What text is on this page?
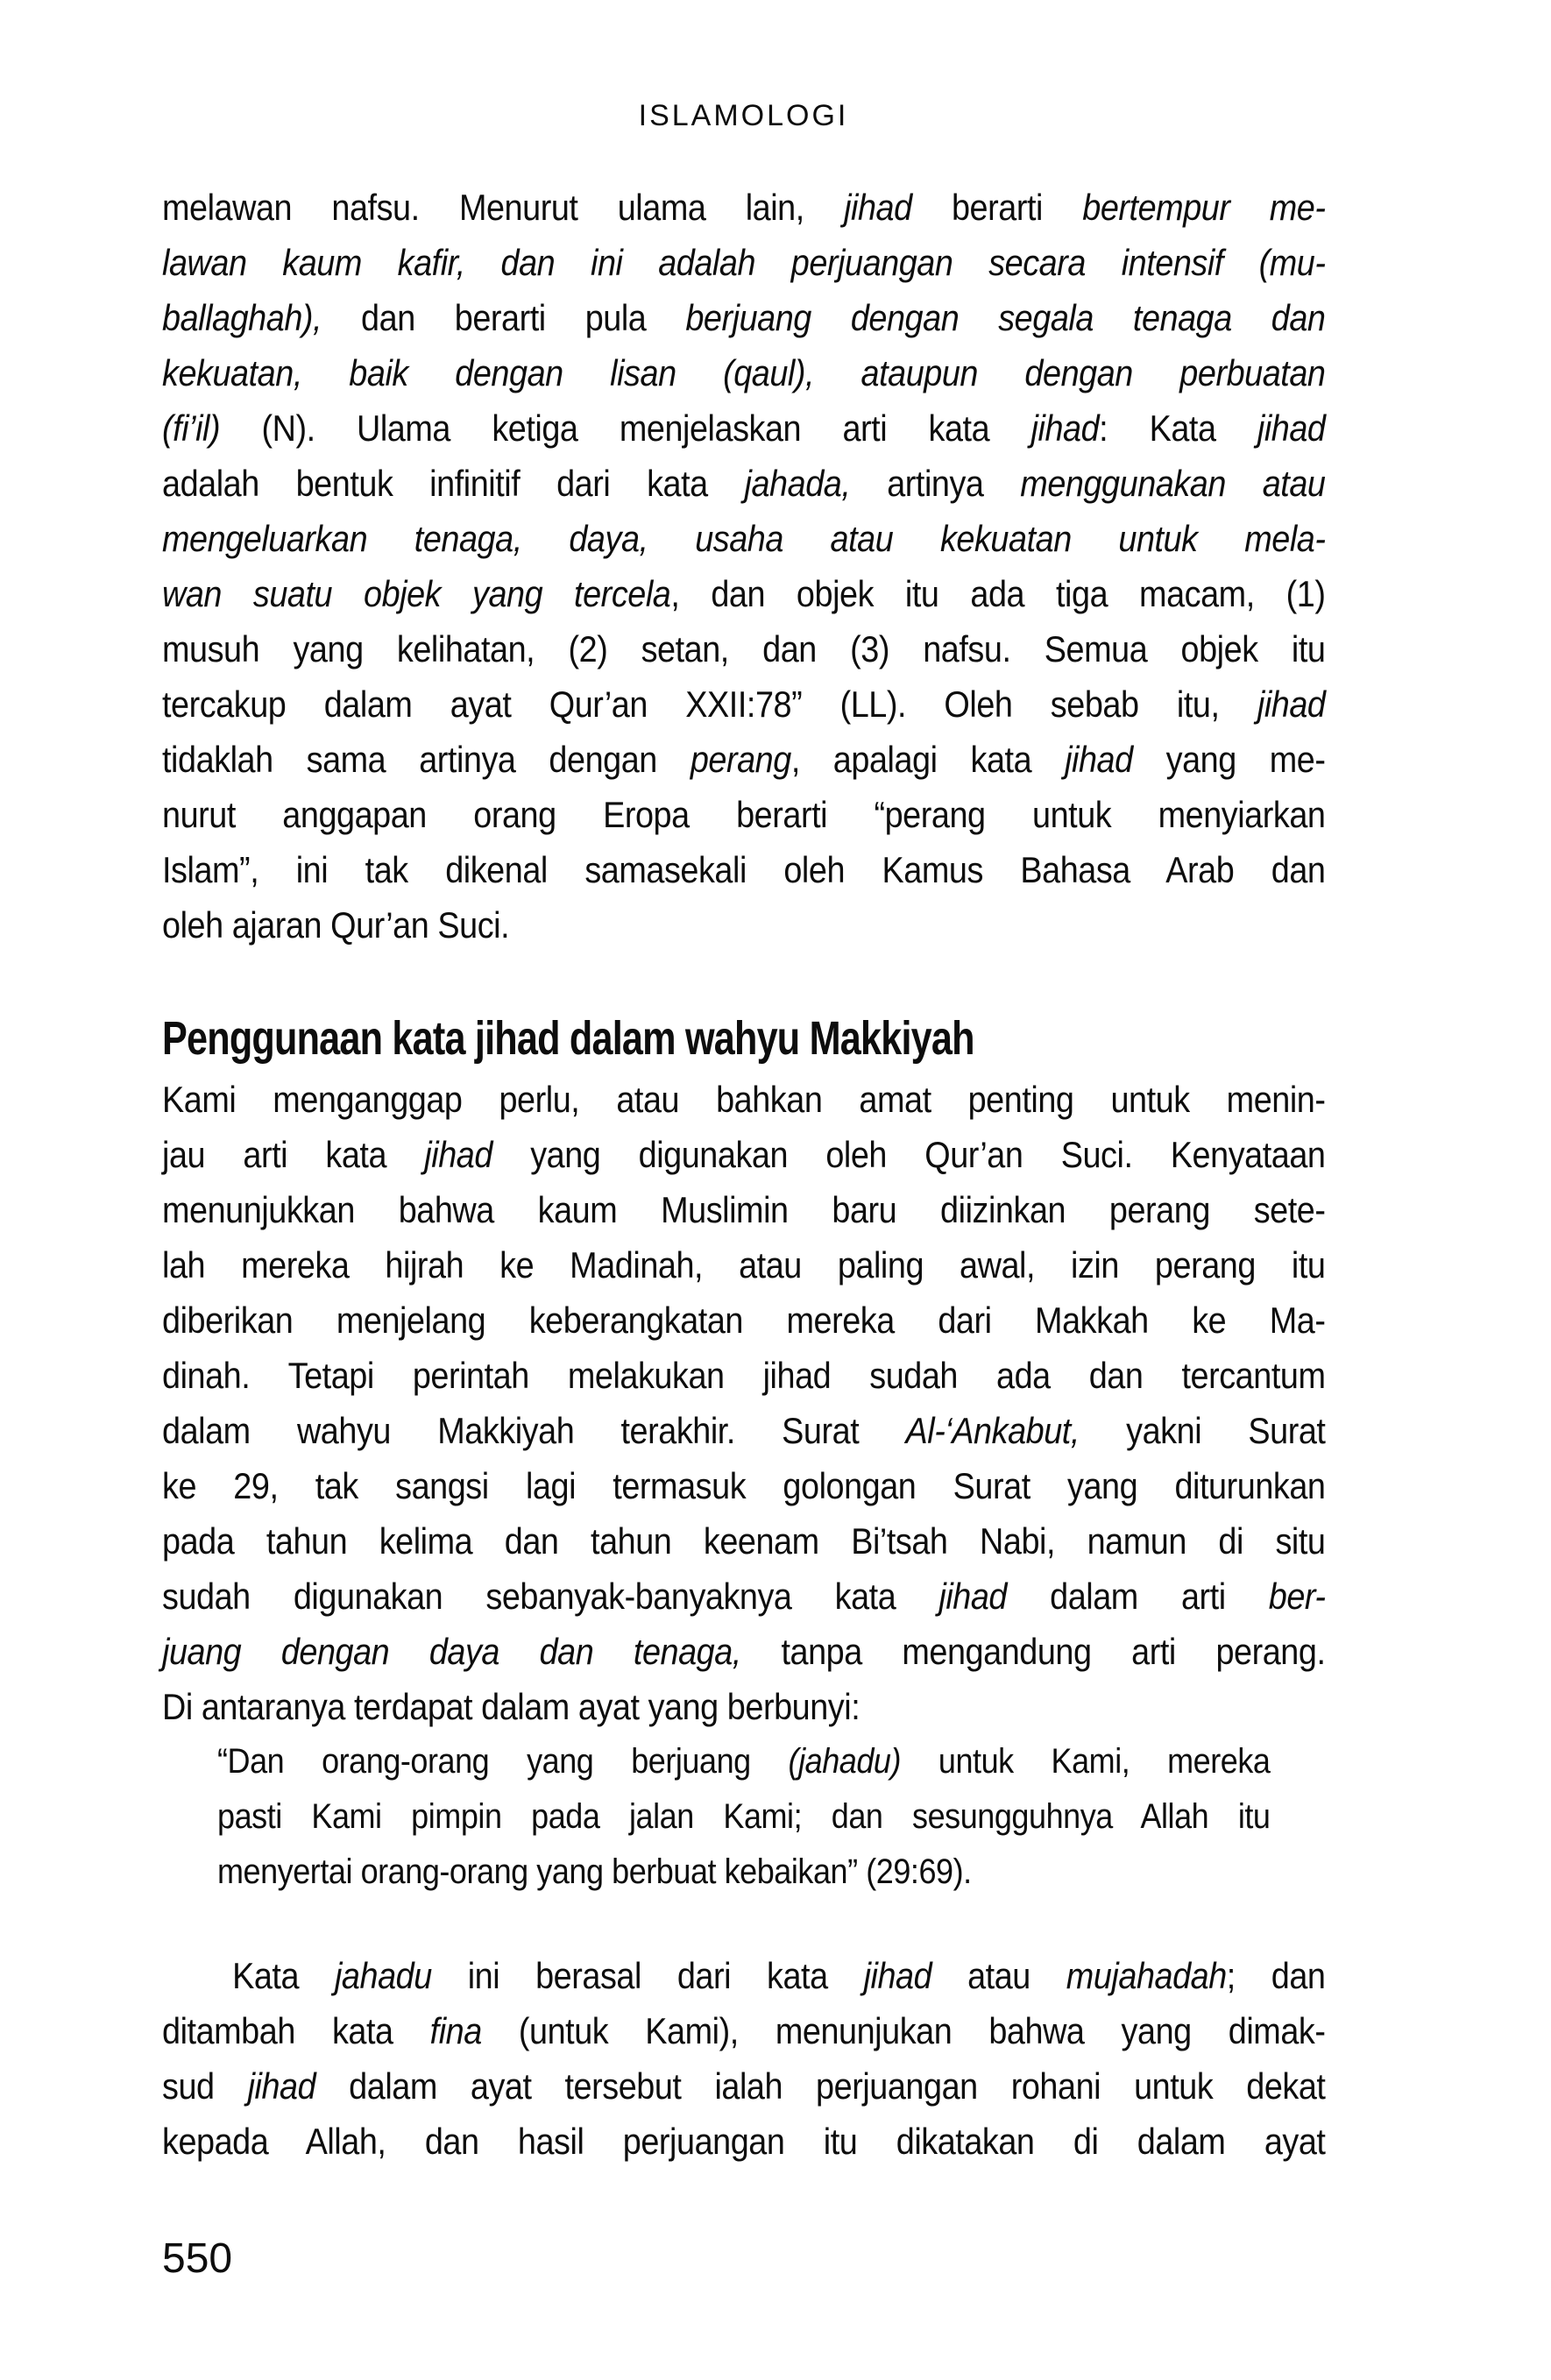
ISLAMOLOGI
melawan nafsu. Menurut ulama lain, jihad berarti bertempur me-
lawan kaum kafir, dan ini adalah perjuangan secara intensif (mu-
ballaghah), dan berarti pula berjuang dengan segala tenaga dan
kekuatan, baik dengan lisan (qaul), ataupun dengan perbuatan
(fi’il) (N). Ulama ketiga menjelaskan arti kata jihad: Kata jihad
adalah bentuk infinitif dari kata jahada, artinya menggunakan atau
mengeluarkan tenaga, daya, usaha atau kekuatan untuk mela-
wan suatu objek yang tercela, dan objek itu ada tiga macam, (1)
musuh yang kelihatan, (2) setan, dan (3) nafsu. Semua objek itu
tercakup dalam ayat Qur’an XXII:78” (LL). Oleh sebab itu, jihad
tidaklah sama artinya dengan perang, apalagi kata jihad yang me-
nurut anggapan orang Eropa berarti “perang untuk menyiarkan
Islam”, ini tak dikenal samasekali oleh Kamus Bahasa Arab dan
oleh ajaran Qur’an Suci.
Penggunaan kata jihad dalam wahyu Makkiyah
Kami menganggap perlu, atau bahkan amat penting untuk menin-
jau arti kata jihad yang digunakan oleh Qur’an Suci. Kenyataan
menunjukkan bahwa kaum Muslimin baru diizinkan perang sete-
lah mereka hijrah ke Madinah, atau paling awal, izin perang itu
diberikan menjelang keberangkatan mereka dari Makkah ke Ma-
dinah. Tetapi perintah melakukan jihad sudah ada dan tercantum
dalam wahyu Makkiyah terakhir. Surat Al-‘Ankabut, yakni Surat
ke 29, tak sangsi lagi termasuk golongan Surat yang diturunkan
pada tahun kelima dan tahun keenam Bi’tsah Nabi, namun di situ
sudah digunakan sebanyak-banyaknya kata jihad dalam arti ber-
juang dengan daya dan tenaga, tanpa mengandung arti perang.
Di antaranya terdapat dalam ayat yang berbunyi:
“Dan orang-orang yang berjuang (jahadu) untuk Kami, mereka
pasti Kami pimpin pada jalan Kami; dan sesungguhnya Allah itu
menyertai orang-orang yang berbuat kebaikan” (29:69).
Kata jahadu ini berasal dari kata jihad atau mujahadah; dan
ditambah kata fina (untuk Kami), menunjukan bahwa yang dimak-
sud jihad dalam ayat tersebut ialah perjuangan rohani untuk dekat
kepada Allah, dan hasil perjuangan itu dikatakan di dalam ayat
550
